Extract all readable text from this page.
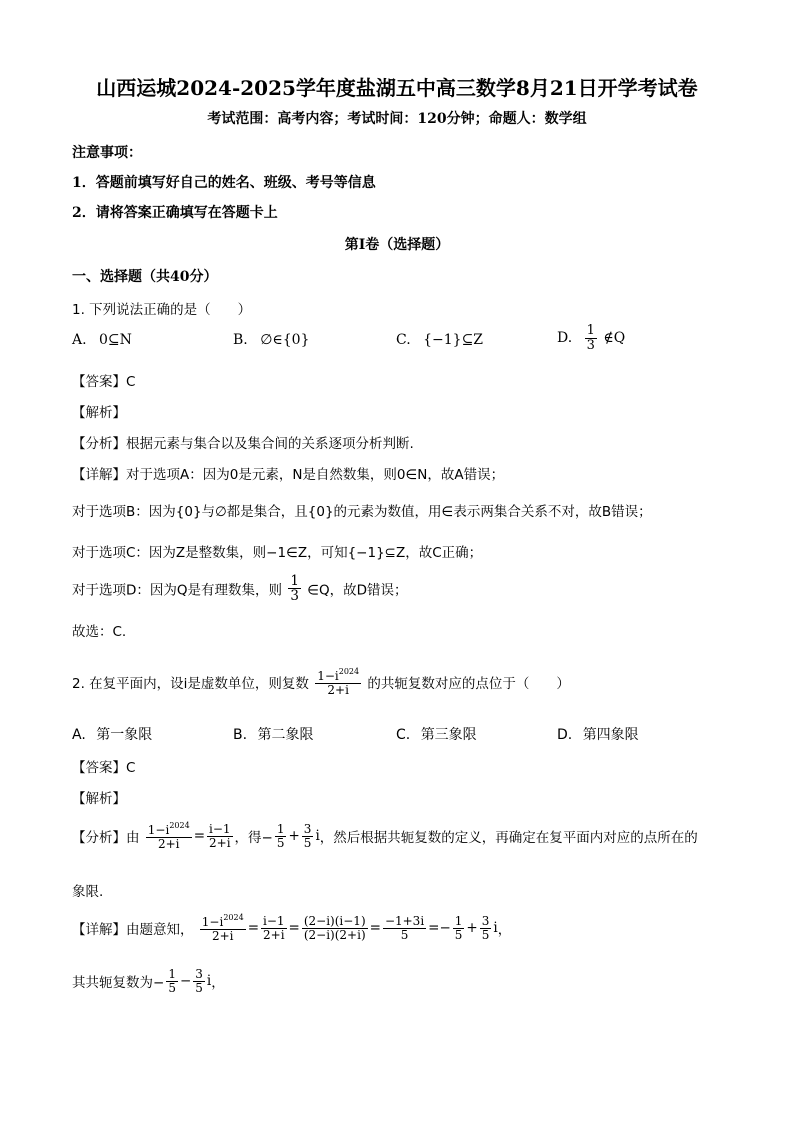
山西运城2024-2025学年度盐湖五中高三数学8月21日开学考试卷
考试范围：高考内容；考试时间：120分钟；命题人：数学组
注意事项：
1．答题前填写好自己的姓名、班级、考号等信息
2．请将答案正确填写在答题卡上
第I卷（选择题）
一、选择题（共40分）
1. 下列说法正确的是（　　）
A. 0⊆N	B. ∅∈{0}	C. {−1}⊆Z	D. $\frac{1}{3}$ ∉Q
【答案】C
【解析】
【分析】根据元素与集合以及集合间的关系逐项分析判断.
【详解】对于选项A：因为0是元素，N是自然数集，则0∈N，故A错误；
对于选项B：因为{0}与∅都是集合，且{0}的元素为数值，用∈表示两集合关系不对，故B错误；
对于选项C：因为Z是整数集，则−1∈Z，可知{−1}⊆Z，故C正确；
对于选项D：因为Q是有理数集，则 $\frac{1}{3}$ ∈Q，故D错误；
故选：C.
2. 在复平面内，设i是虚数单位，则复数 $\frac{1-i^{2024}}{2+i}$ 的共轭复数对应的点位于（　　）
A. 第一象限	B. 第二象限	C. 第三象限	D. 第四象限
【答案】C
【解析】
【分析】由 $\frac{1-i^{2024}}{2+i} = \frac{i-1}{2+i}$ ，得− $\frac{1}{5} + \frac{3}{5}$ i，然后根据共轭复数的定义，再确定在复平面内对应的点所在的
象限.
【详解】由题意知， $\frac{1-i^{2024}}{2+i} = \frac{i-1}{2+i} = \frac{(2-i)(i-1)}{(2-i)(2+i)} = \frac{-1+3i}{5} =- \frac{1}{5} + \frac{3}{5}$ i，
其共轭复数为− $\frac{1}{5} - \frac{3}{5}$ i，
